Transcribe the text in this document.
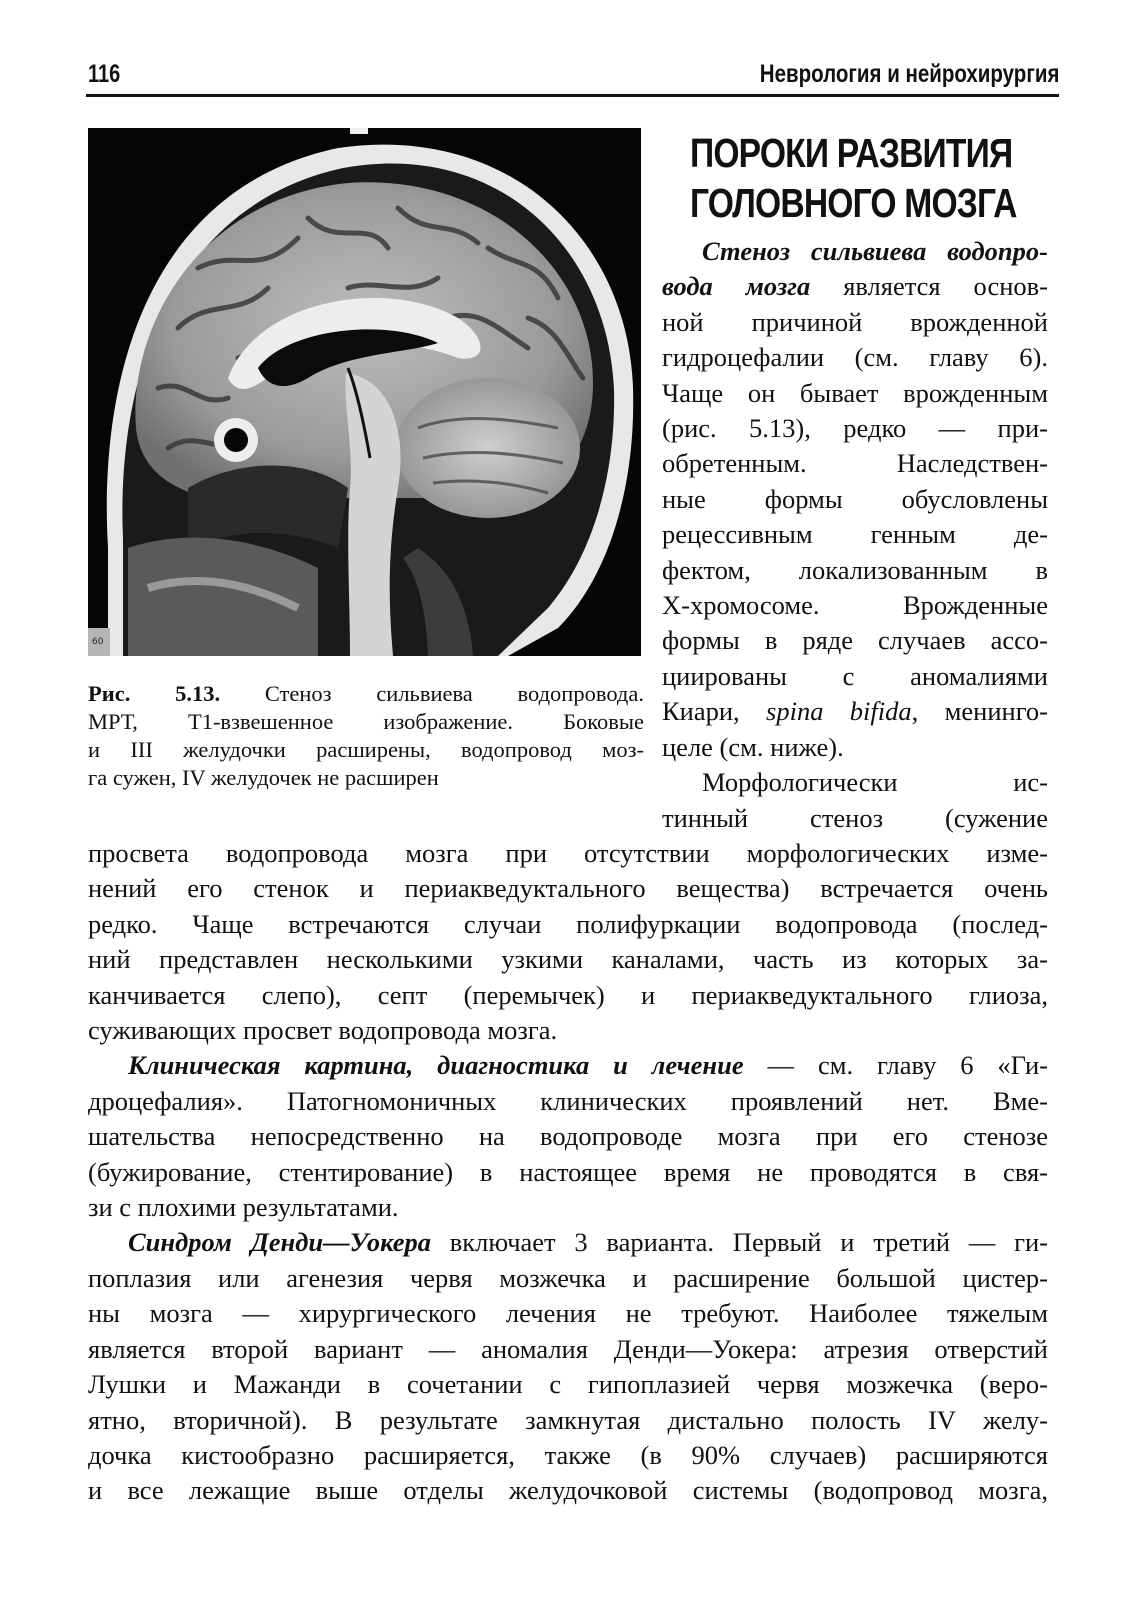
116	Неврология и нейрохирургия
60
Рис. 5.13. Стеноз сильвиева водопровода.
МРТ, T1-взвешенное изображение. Боковые
и III желудочки расширены, водопровод моз-
га сужен, IV желудочек не расширен
ПОРОКИ РАЗВИТИЯ
ГОЛОВНОГО МОЗГА
Стеноз сильвиева водопро-
вода мозга является основ-
ной причиной врожденной
гидроцефалии (см. главу 6).
Чаще он бывает врожденным
(рис. 5.13), редко — при-
обретенным. Наследствен-
ные формы обусловлены
рецессивным генным де-
фектом, локализованным в
X-хромосоме. Врожденные
формы в ряде случаев ассо-
циированы с аномалиями
Киари, spina bifida, менинго-
целе (см. ниже).
Морфологически ис-
тинный стеноз (сужение
просвета водопровода мозга при отсутствии морфологических изме-
нений его стенок и периакведуктального вещества) встречается очень
редко. Чаще встречаются случаи полифуркации водопровода (послед-
ний представлен несколькими узкими каналами, часть из которых за-
канчивается слепо), септ (перемычек) и периакведуктального глиоза,
суживающих просвет водопровода мозга.
Клиническая картина, диагностика и лечение — см. главу 6 «Ги-
дроцефалия». Патогномоничных клинических проявлений нет. Вме-
шательства непосредственно на водопроводе мозга при его стенозе
(бужирование, стентирование) в настоящее время не проводятся в свя-
зи с плохими результатами.
Синдром Денди—Уокера включает 3 варианта. Первый и третий — ги-
поплазия или агенезия червя мозжечка и расширение большой цистер-
ны мозга — хирургического лечения не требуют. Наиболее тяжелым
является второй вариант — аномалия Денди—Уокера: атрезия отверстий
Лушки и Мажанди в сочетании с гипоплазией червя мозжечка (веро-
ятно, вторичной). В результате замкнутая дистально полость IV желу-
дочка кистообразно расширяется, также (в 90% случаев) расширяются
и все лежащие выше отделы желудочковой системы (водопровод мозга,
